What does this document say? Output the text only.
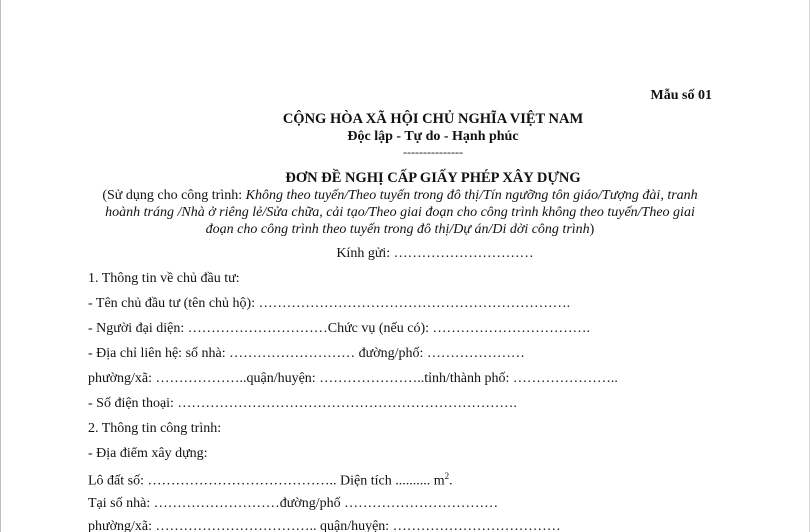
Mẫu số 01
CỘNG HÒA XÃ HỘI CHỦ NGHĨA VIỆT NAM
Độc lập - Tự do - Hạnh phúc
---------------
ĐƠN ĐỀ NGHỊ CẤP GIẤY PHÉP XÂY DỰNG
(Sử dụng cho công trình: Không theo tuyến/Theo tuyến trong đô thị/Tín ngưỡng tôn giáo/Tượng đài, tranh hoành tráng /Nhà ở riêng lẻ/Sửa chữa, cải tạo/Theo giai đoạn cho công trình không theo tuyến/Theo giai đoạn cho công trình theo tuyến trong đô thị/Dự án/Di dời công trình)
Kính gửi: …………………………
1. Thông tin về chủ đầu tư:
- Tên chủ đầu tư (tên chủ hộ): ………………………………………………………….
- Người đại diện: …………………………Chức vụ (nếu có): …………………………….
- Địa chỉ liên hệ: số nhà: ……………………… đường/phố: …………………
phường/xã: ………………..quận/huyện: …………………..tỉnh/thành phố: …………………..
- Số điện thoại: ……………………………………………………………….
2. Thông tin công trình:
- Địa điểm xây dựng:
Lô đất số: ………………………………….. Diện tích .......... $m^2$.
Tại số nhà: ………………………đường/phố ……………………………
phường/xã: …………………………….. quận/huyện: ………………………………
